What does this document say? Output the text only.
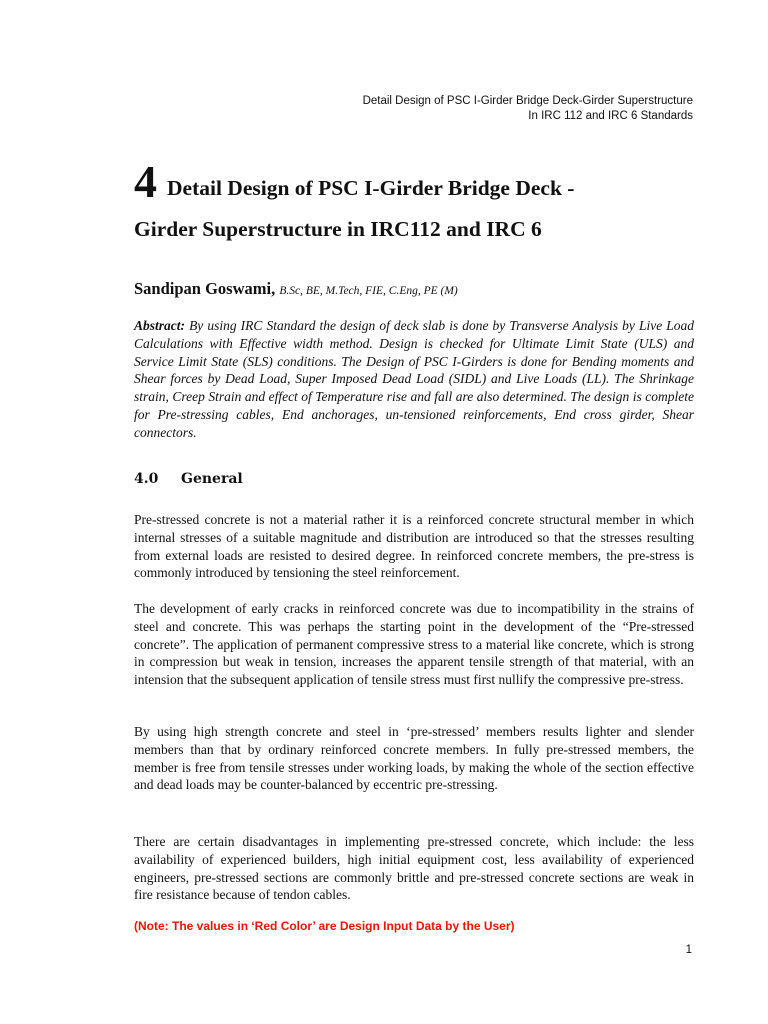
Detail Design of PSC I-Girder Bridge Deck-Girder Superstructure
In IRC 112 and IRC 6 Standards
4 Detail Design of PSC I-Girder Bridge Deck -
Girder Superstructure in IRC112 and IRC 6
Sandipan Goswami, B.Sc, BE, M.Tech, FIE, C.Eng, PE (M)

Abstract: By using IRC Standard the design of deck slab is done by Transverse Analysis by Live Load Calculations with Effective width method. Design is checked for Ultimate Limit State (ULS) and Service Limit State (SLS) conditions. The Design of PSC I-Girders is done for Bending moments and Shear forces by Dead Load, Super Imposed Dead Load (SIDL) and Live Loads (LL). The Shrinkage strain, Creep Strain and effect of Temperature rise and fall are also determined. The design is complete for Pre-stressing cables, End anchorages, un-tensioned reinforcements, End cross girder, Shear connectors.

4.0 General

Pre-stressed concrete is not a material rather it is a reinforced concrete structural member in which internal stresses of a suitable magnitude and distribution are introduced so that the stresses resulting from external loads are resisted to desired degree. In reinforced concrete members, the pre-stress is commonly introduced by tensioning the steel reinforcement.

The development of early cracks in reinforced concrete was due to incompatibility in the strains of steel and concrete. This was perhaps the starting point in the development of the “Pre-stressed concrete”. The application of permanent compressive stress to a material like concrete, which is strong in compression but weak in tension, increases the apparent tensile strength of that material, with an intension that the subsequent application of tensile stress must first nullify the compressive pre-stress.

By using high strength concrete and steel in ‘pre-stressed’ members results lighter and slender members than that by ordinary reinforced concrete members. In fully pre-stressed members, the member is free from tensile stresses under working loads, by making the whole of the section effective and dead loads may be counter-balanced by eccentric pre-stressing.

There are certain disadvantages in implementing pre-stressed concrete, which include: the less availability of experienced builders, high initial equipment cost, less availability of experienced engineers, pre-stressed sections are commonly brittle and pre-stressed concrete sections are weak in fire resistance because of tendon cables.

(Note: The values in ‘Red Color’ are Design Input Data by the User)
1
